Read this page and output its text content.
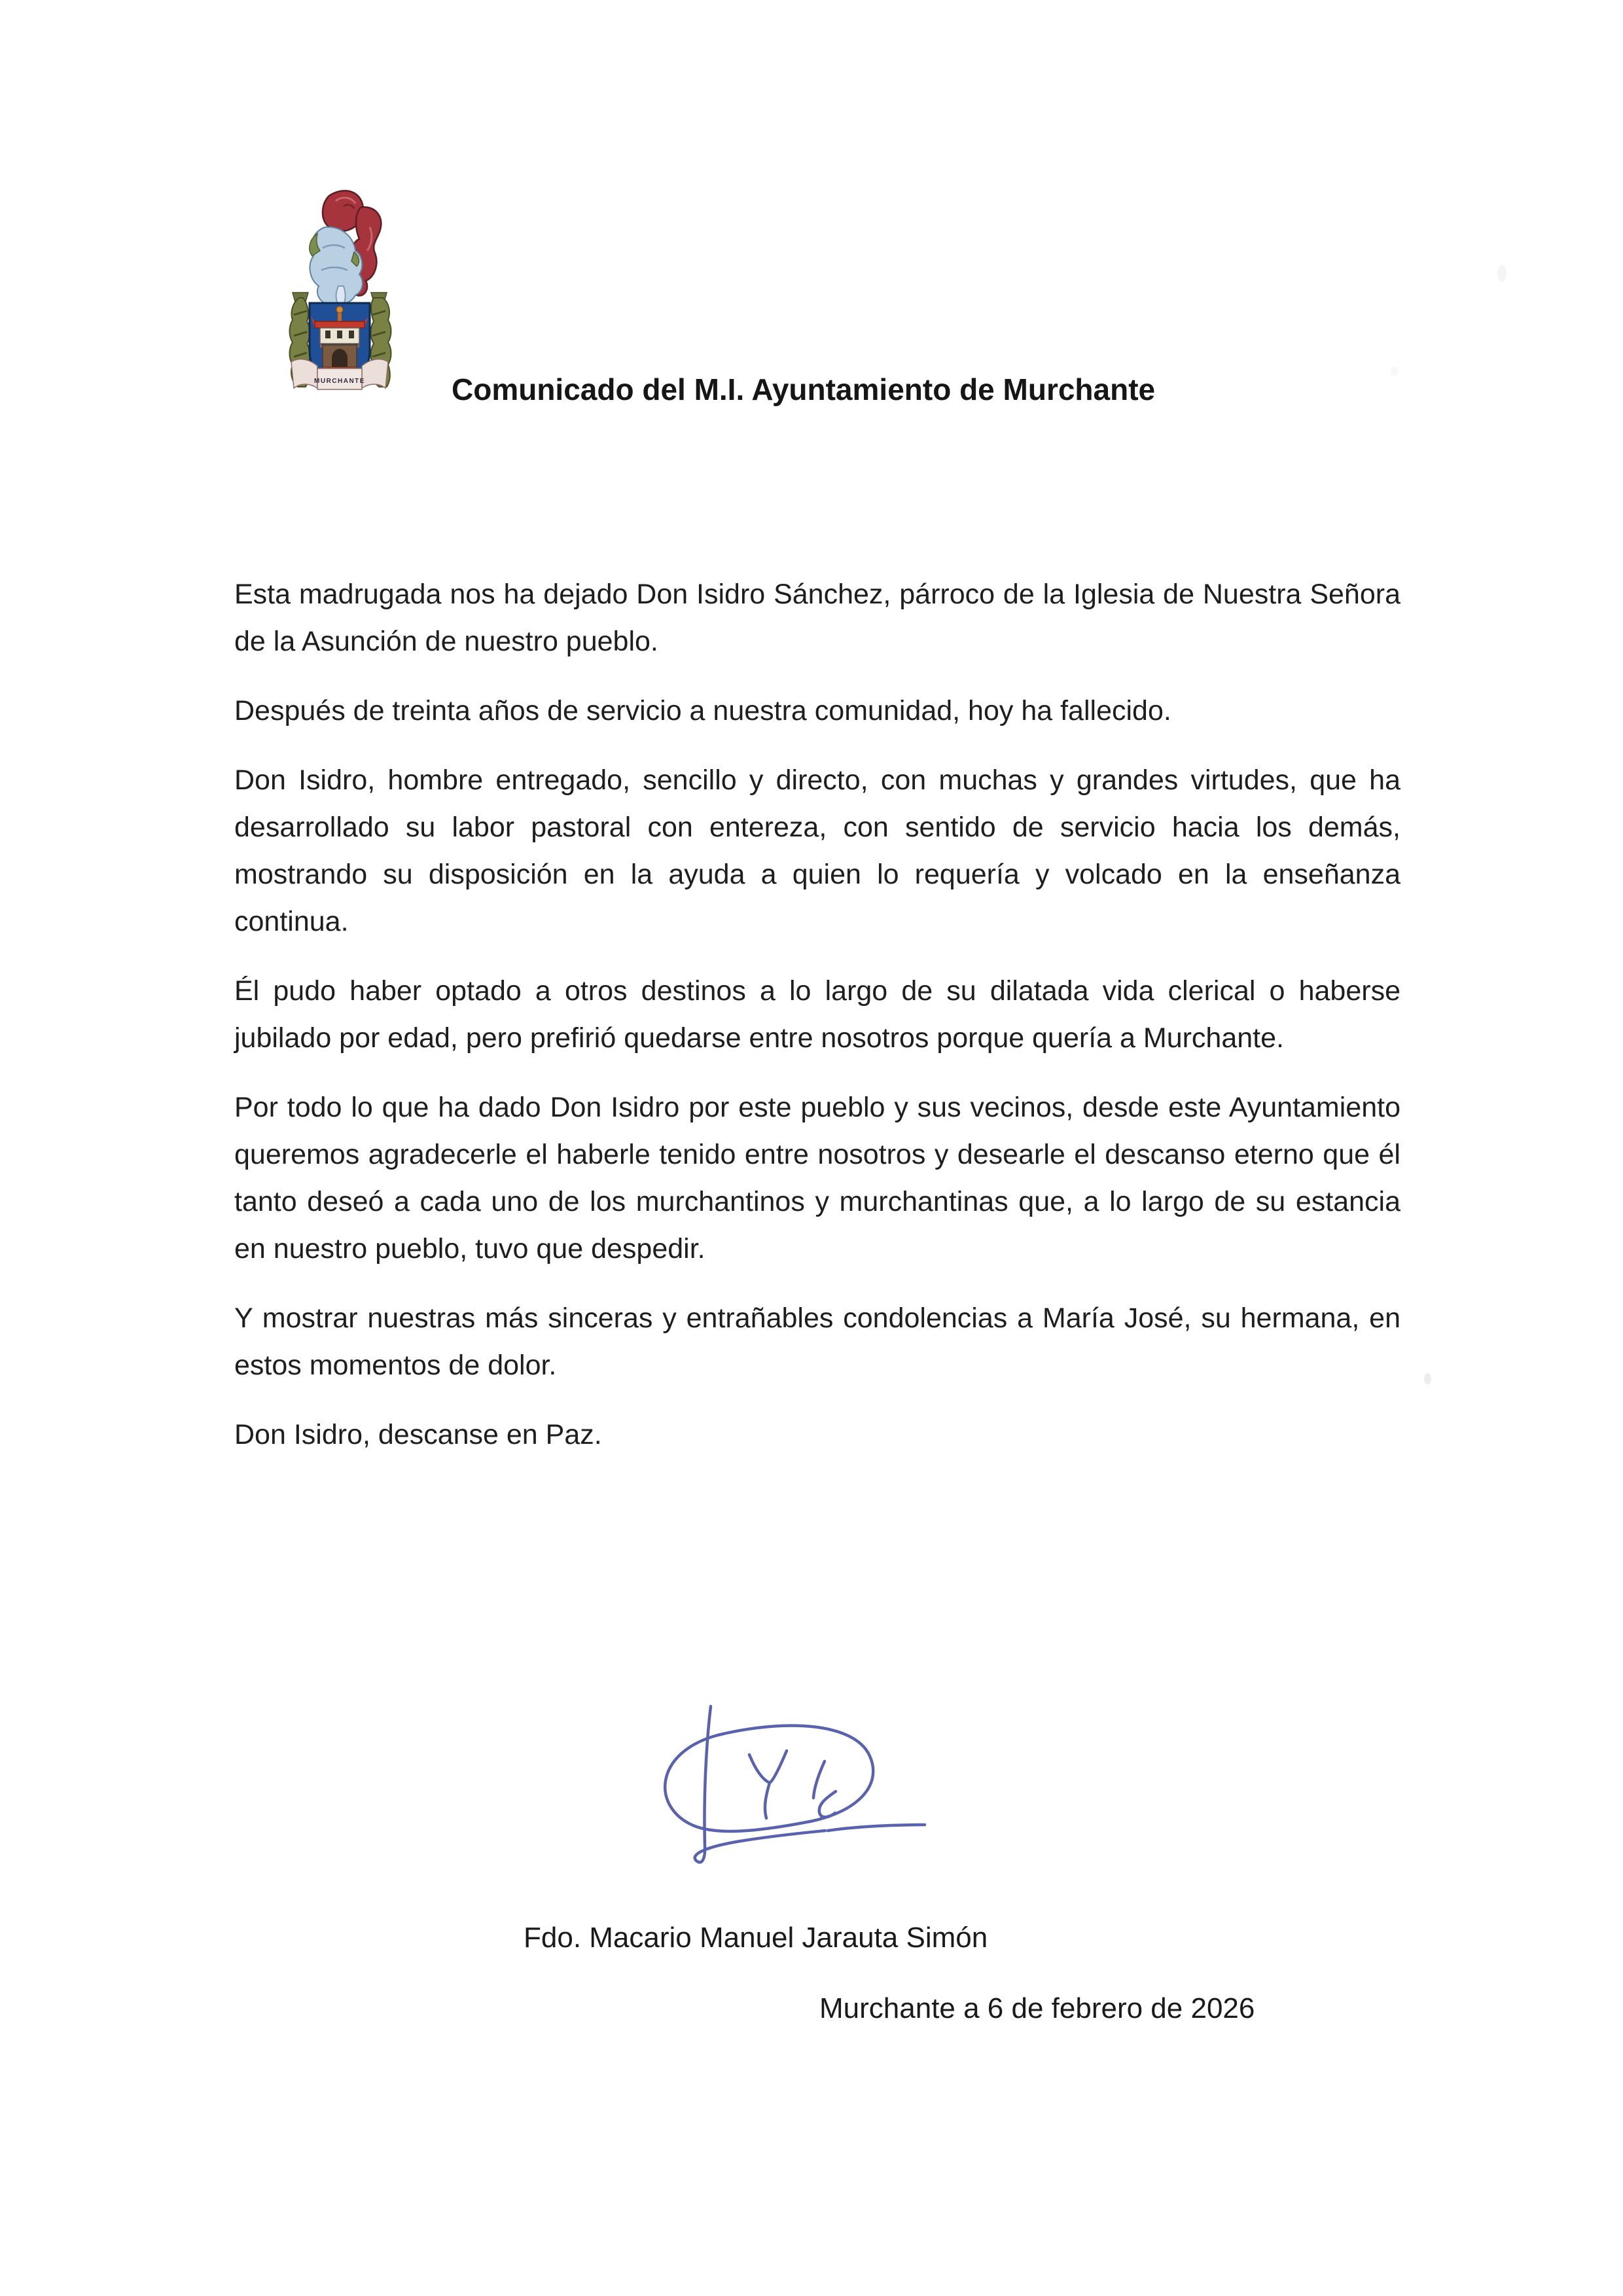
MURCHANTE	Comunicado del M.I. Ayuntamiento de Murchante

Esta madrugada nos ha dejado Don Isidro Sánchez, párroco de la Iglesia de Nuestra Señora de la Asunción de nuestro pueblo.

Después de treinta años de servicio a nuestra comunidad, hoy ha fallecido.

Don Isidro, hombre entregado, sencillo y directo, con muchas y grandes virtudes, que ha desarrollado su labor pastoral con entereza, con sentido de servicio hacia los demás, mostrando su disposición en la ayuda a quien lo requería y volcado en la enseñanza continua.

Él pudo haber optado a otros destinos a lo largo de su dilatada vida clerical o haberse jubilado por edad, pero prefirió quedarse entre nosotros porque quería a Murchante.

Por todo lo que ha dado Don Isidro por este pueblo y sus vecinos, desde este Ayuntamiento queremos agradecerle el haberle tenido entre nosotros y desearle el descanso eterno que él tanto deseó a cada uno de los murchantinos y murchantinas que, a lo largo de su estancia en nuestro pueblo, tuvo que despedir.

Y mostrar nuestras más sinceras y entrañables condolencias a María José, su hermana, en estos momentos de dolor.

Don Isidro, descanse en Paz.

Fdo. Macario Manuel Jarauta Simón
Murchante a 6 de febrero de 2026
